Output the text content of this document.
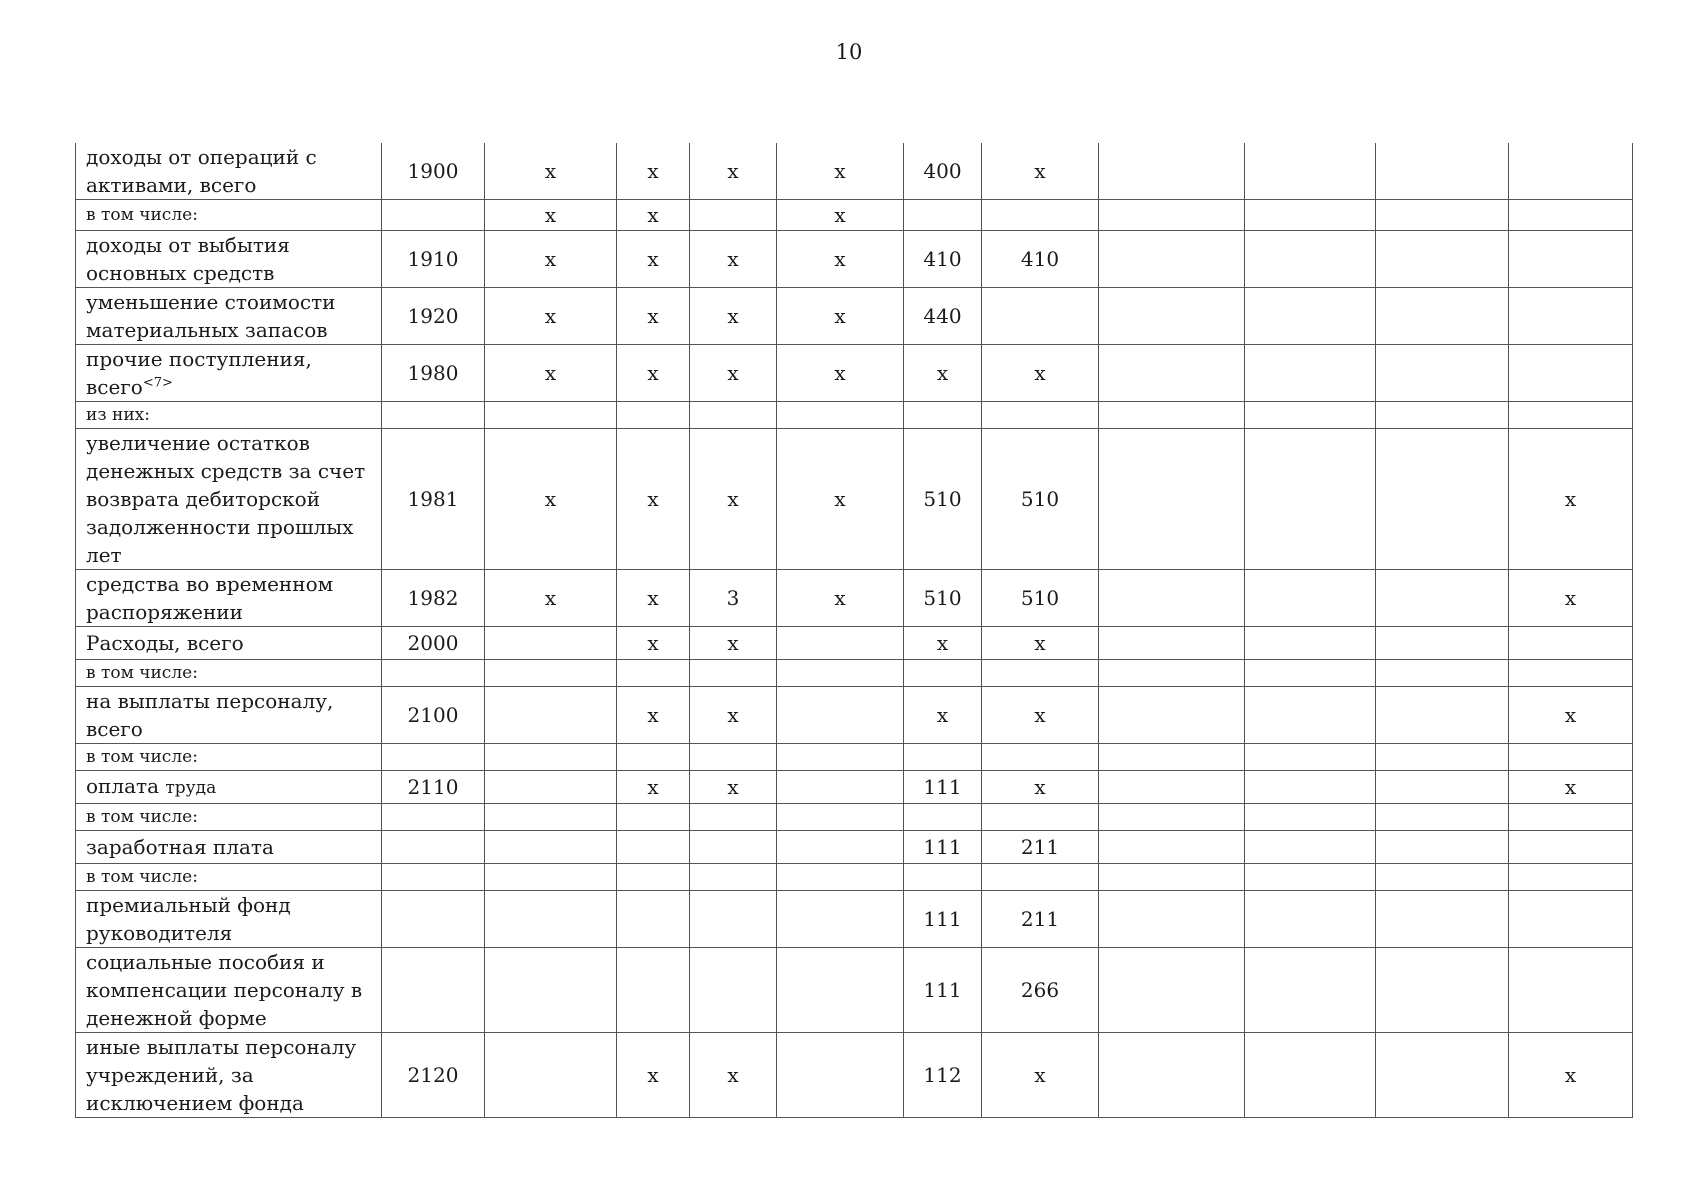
10
доходы от операций с активами, всего	1900	х	х	х	х	400	х				
в том числе:		х	х		х						
доходы от выбытия основных средств	1910	х	х	х	х	410	410				
уменьшение стоимости материальных запасов	1920	х	х	х	х	440					
прочие поступления, всего$^{<7>}$	1980	х	х	х	х	х	х				
из них:											
увеличение остатков денежных средств за счет возврата дебиторской задолженности прошлых лет	1981	х	х	х	х	510	510				х
средства во временном распоряжении	1982	х	х	3	х	510	510				х
Расходы, всего	2000		х	х		х	х				
в том числе:											
на выплаты персоналу, всего	2100		х	х		х	х				х
в том числе:											
оплата труда	2110		х	х		111	х				х
в том числе:											
заработная плата						111	211				
в том числе:											
премиальный фонд руководителя						111	211				
социальные пособия и компенсации персоналу в денежной форме						111	266				
иные выплаты персоналу учреждений, за исключением фонда	2120		х	х		112	х				х
